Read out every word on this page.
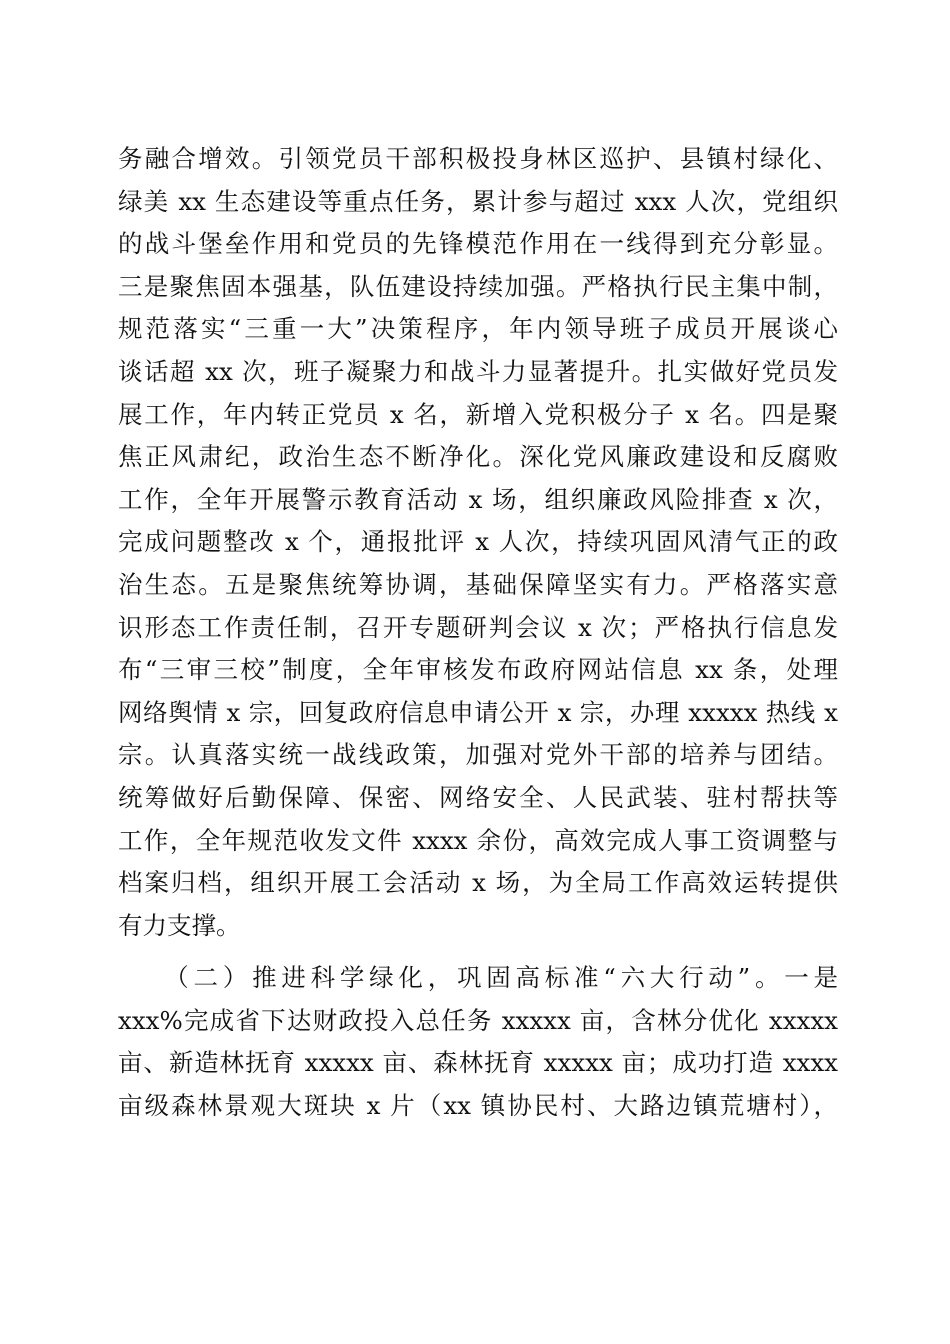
务融合增效。引领党员干部积极投身林区巡护、县镇村绿化、
绿美 xx 生态建设等重点任务，累计参与超过 xxx 人次，党组织
的战斗堡垒作用和党员的先锋模范作用在一线得到充分彰显。
三是聚焦固本强基，队伍建设持续加强。严格执行民主集中制，
规范落实“三重一大”决策程序，年内领导班子成员开展谈心
谈话超 xx 次，班子凝聚力和战斗力显著提升。扎实做好党员发
展工作，年内转正党员 x 名，新增入党积极分子 x 名。四是聚
焦正风肃纪，政治生态不断净化。深化党风廉政建设和反腐败
工作，全年开展警示教育活动 x 场，组织廉政风险排查 x 次，
完成问题整改 x 个，通报批评 x 人次，持续巩固风清气正的政
治生态。五是聚焦统筹协调，基础保障坚实有力。严格落实意
识形态工作责任制，召开专题研判会议 x 次；严格执行信息发
布“三审三校”制度，全年审核发布政府网站信息 xx 条，处理
网络舆情 x 宗，回复政府信息申请公开 x 宗，办理 xxxxx 热线 x
宗。认真落实统一战线政策，加强对党外干部的培养与团结。
统筹做好后勤保障、保密、网络安全、人民武装、驻村帮扶等
工作，全年规范收发文件 xxxx 余份，高效完成人事工资调整与
档案归档，组织开展工会活动 x 场，为全局工作高效运转提供
有力支撑。
　　（二）推进科学绿化，巩固高标准“六大行动”。一是
xxx%完成省下达财政投入总任务 xxxxx 亩，含林分优化 xxxxx
亩、新造林抚育 xxxxx 亩、森林抚育 xxxxx 亩；成功打造 xxxx
亩级森林景观大斑块 x 片（xx 镇协民村、大路边镇荒塘村），
